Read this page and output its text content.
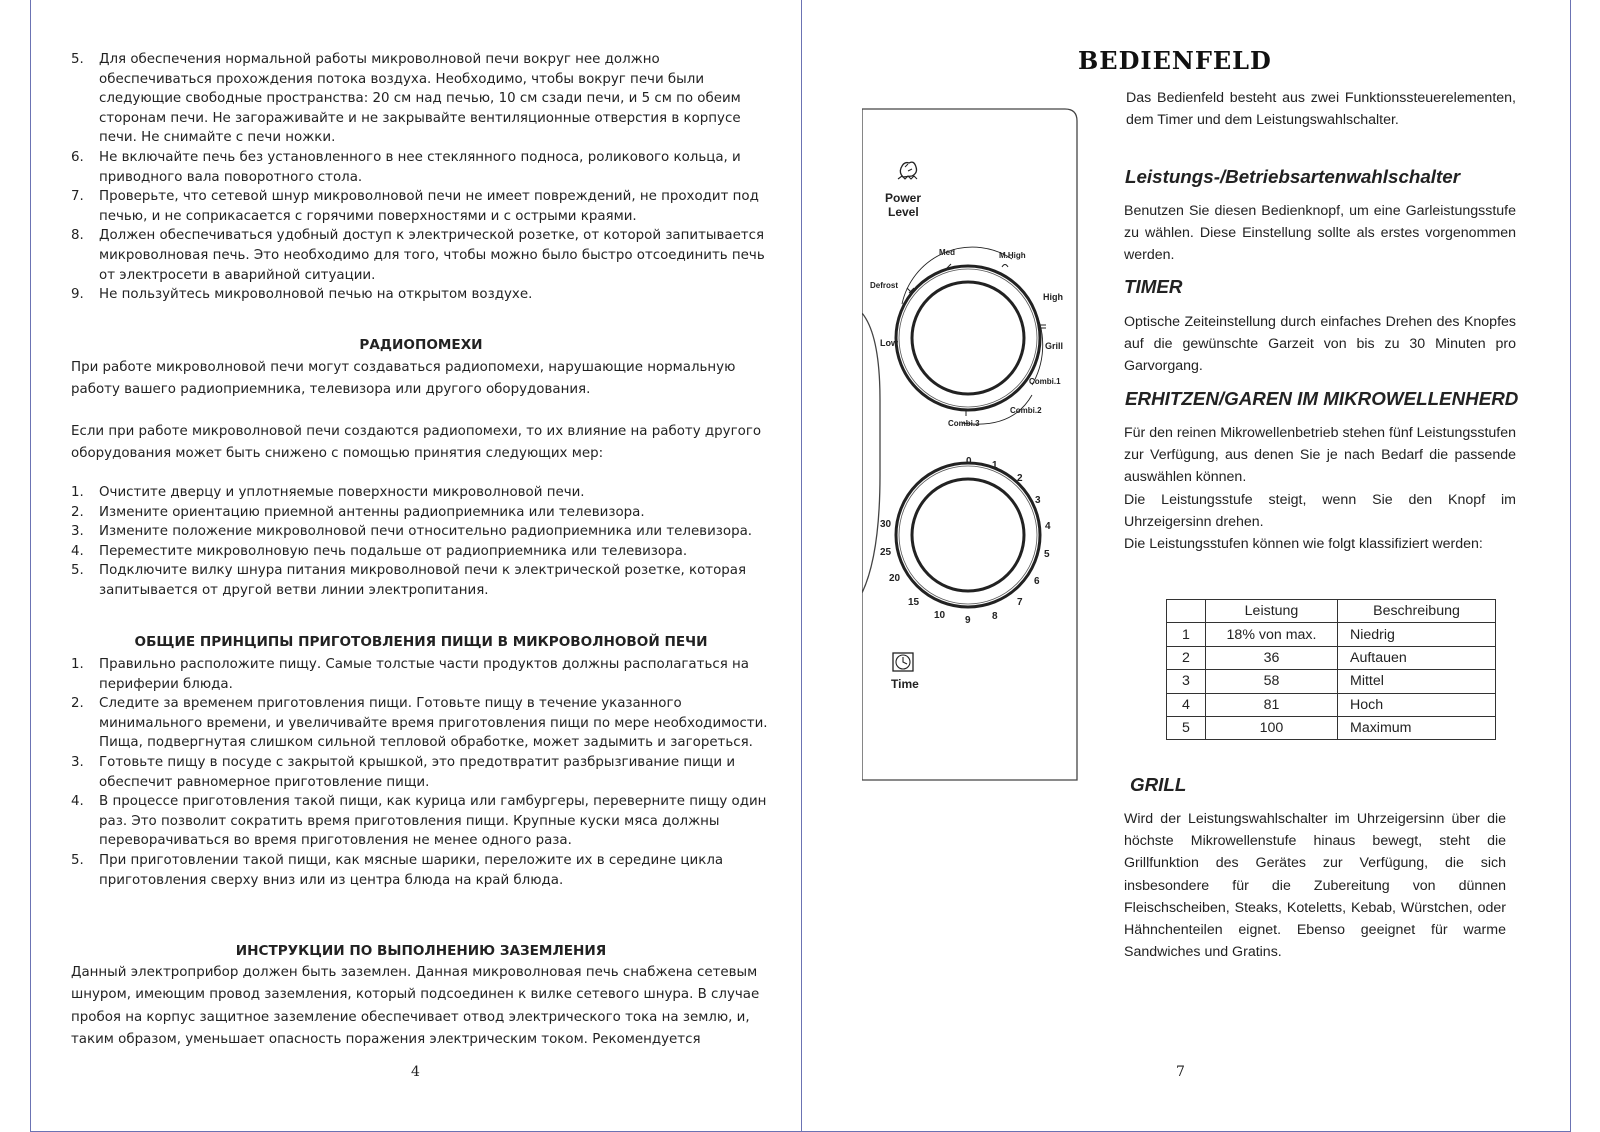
5. Для обеспечения нормальной работы микроволновой печи вокруг нее должно обеспечиваться прохождения потока воздуха. Необходимо, чтобы вокруг печи были следующие свободные пространства: 20 см над печью, 10 см сзади печи, и 5 см по обеим сторонам печи. Не загораживайте и не закрывайте вентиляционные отверстия в корпусе печи. Не снимайте с печи ножки.
6. Не включайте печь без установленного в нее стеклянного подноса, роликового кольца, и приводного вала поворотного стола.
7. Проверьте, что сетевой шнур микроволновой печи не имеет повреждений, не проходит под печью, и не соприкасается с горячими поверхностями и с острыми краями.
8. Должен обеспечиваться удобный доступ к электрической розетке, от которой запитывается микроволновая печь. Это необходимо для того, чтобы можно было быстро отсоединить печь от электросети в аварийной ситуации.
9. Не пользуйтесь микроволновой печью на открытом воздухе.
РАДИОПОМЕХИ

При работе микроволновой печи могут создаваться радиопомехи, нарушающие нормальную работу вашего радиоприемника, телевизора или другого оборудования.

Если при работе микроволновой печи создаются радиопомехи, то их влияние на работу другого оборудования может быть снижено с помощью принятия следующих мер:

1. Очистите дверцу и уплотняемые поверхности микроволновой печи.
2. Измените ориентацию приемной антенны радиоприемника или телевизора.
3. Измените положение микроволновой печи относительно радиоприемника или телевизора.
4. Переместите микроволновую печь подальше от радиоприемника или телевизора.
5. Подключите вилку шнура питания микроволновой печи к электрической розетке, которая запитывается от другой ветви линии электропитания.
ОБЩИЕ ПРИНЦИПЫ ПРИГОТОВЛЕНИЯ ПИЩИ В МИКРОВОЛНОВОЙ ПЕЧИ
1. Правильно расположите пищу. Самые толстые части продуктов должны располагаться на периферии блюда.
2. Следите за временем приготовления пищи. Готовьте пищу в течение указанного минимального времени, и увеличивайте время приготовления пищи по мере необходимости. Пища, подвергнутая слишком сильной тепловой обработке, может задымить и загореться.
3. Готовьте пищу в посуде с закрытой крышкой, это предотвратит разбрызгивание пищи и обеспечит равномерное приготовление пищи.
4. В процессе приготовления такой пищи, как курица или гамбургеры, переверните пищу один раз. Это позволит сократить время приготовления пищи. Крупные куски мяса должны переворачиваться во время приготовления не менее одного раза.
5. При приготовлении такой пищи, как мясные шарики, переложите их в середине цикла приготовления сверху вниз или из центра блюда на край блюда.
ИНСТРУКЦИИ ПО ВЫПОЛНЕНИЮ ЗАЗЕМЛЕНИЯ

Данный электроприбор должен быть заземлен. Данная микроволновая печь снабжена сетевым шнуром, имеющим провод заземления, который подсоединен к вилке сетевого шнура. В случае пробоя на корпус защитное заземление обеспечивает отвод электрического тока на землю, и, таким образом, уменьшает опасность поражения электрическим током. Рекомендуется

4
BEDIENFELD
Power
Level
Med	M.High
Defrost
High
Low	Grill
Combi.1
Combi.2
Combi.3
0 1
2
3
4
5
6
7
8
9
10
15
20
25
30
Time

Das Bedienfeld besteht aus zwei Funktionssteuerelementen, dem Timer und dem Leistungswahlschalter.

Leistungs-/Betriebsartenwahlschalter

Benutzen Sie diesen Bedienknopf, um eine Garleistungsstufe zu wählen. Diese Einstellung sollte als erstes vorgenommen werden.

TIMER

Optische Zeiteinstellung durch einfaches Drehen des Knopfes auf die gewünschte Garzeit von bis zu 30 Minuten pro Garvorgang.

ERHITZEN/GAREN IM MIKROWELLENHERD

Für den reinen Mikrowellenbetrieb stehen fünf Leistungsstufen zur Verfügung, aus denen Sie je nach Bedarf die passende auswählen können.

Die Leistungsstufe steigt, wenn Sie den Knopf im Uhrzeigersinn drehen.

Die Leistungsstufen können wie folgt klassifiziert werden:

	Leistung	Beschreibung
1	18% von max.	Niedrig
2	36	Auftauen
3	58	Mittel
4	81	Hoch
5	100	Maximum
GRILL

Wird der Leistungswahlschalter im Uhrzeigersinn über die höchste Mikrowellenstufe hinaus bewegt, steht die Grillfunktion des Gerätes zur Verfügung, die sich insbesondere für die Zubereitung von dünnen Fleischscheiben, Steaks, Koteletts, Kebab, Würstchen, oder Hähnchenteilen eignet. Ebenso geeignet für warme Sandwiches und Gratins.

7
